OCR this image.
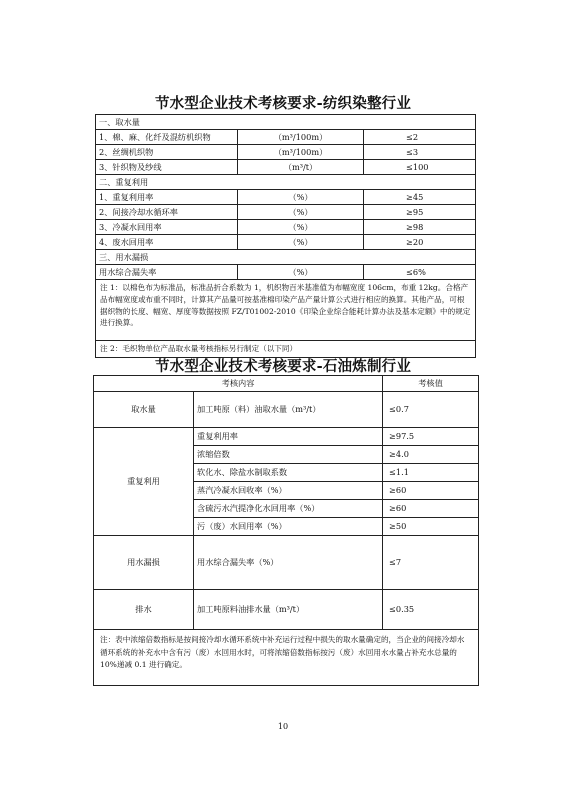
节水型企业技术考核要求-纺织染整行业
一、取水量		
1、棉、麻、化纤及混纺机织物	（m³/100m）	≤2
2、丝绸机织物	（m³/100m）	≤3
3、针织物及纱线	（m³/t）	≤100
二、重复利用		
1、重复利用率	（%）	≥45
2、间接冷却水循环率	（%）	≥95
3、冷凝水回用率	（%）	≥98
4、废水回用率	（%）	≥20
三、用水漏损		
用水综合漏失率	（%）	≤6%
注 1：以棉色布为标准品，标准品折合系数为 1，机织物百米基准值为布幅宽度 106cm，布重 12kg。合格产品布幅宽度或布重不同时，计算其产品量可按基准棉印染产品产量计算公式进行相应的换算。其他产品，可根据织物的长度、幅宽、厚度等数据按照 FZ/T01002-2010《印染企业综合能耗计算办法及基本定额》中的规定进行换算。		
注 2：毛织物单位产品取水量考核指标另行制定（以下同）		
节水型企业技术考核要求-石油炼制行业
考核内容		考核值
取水量	加工吨原（料）油取水量（m³/t）	≤0.7
重复利用	重复利用率	≥97.5
	浓缩倍数	≥4.0
	软化水、除盐水制取系数	≤1.1
	蒸汽冷凝水回收率（%）	≥60
	含硫污水汽提净化水回用率（%）	≥60
	污（废）水回用率（%）	≥50
用水漏损	用水综合漏失率（%）	≤7
排水	加工吨原料油排水量（m³/t）	≤0.35
注：表中浓缩倍数指标是按间接冷却水循环系统中补充运行过程中损失的取水量确定的，当企业的间接冷却水循环系统的补充水中含有污（废）水回用水时，可将浓缩倍数指标按污（废）水回用水水量占补充水总量的 10%递减 0.1 进行确定。		
10
